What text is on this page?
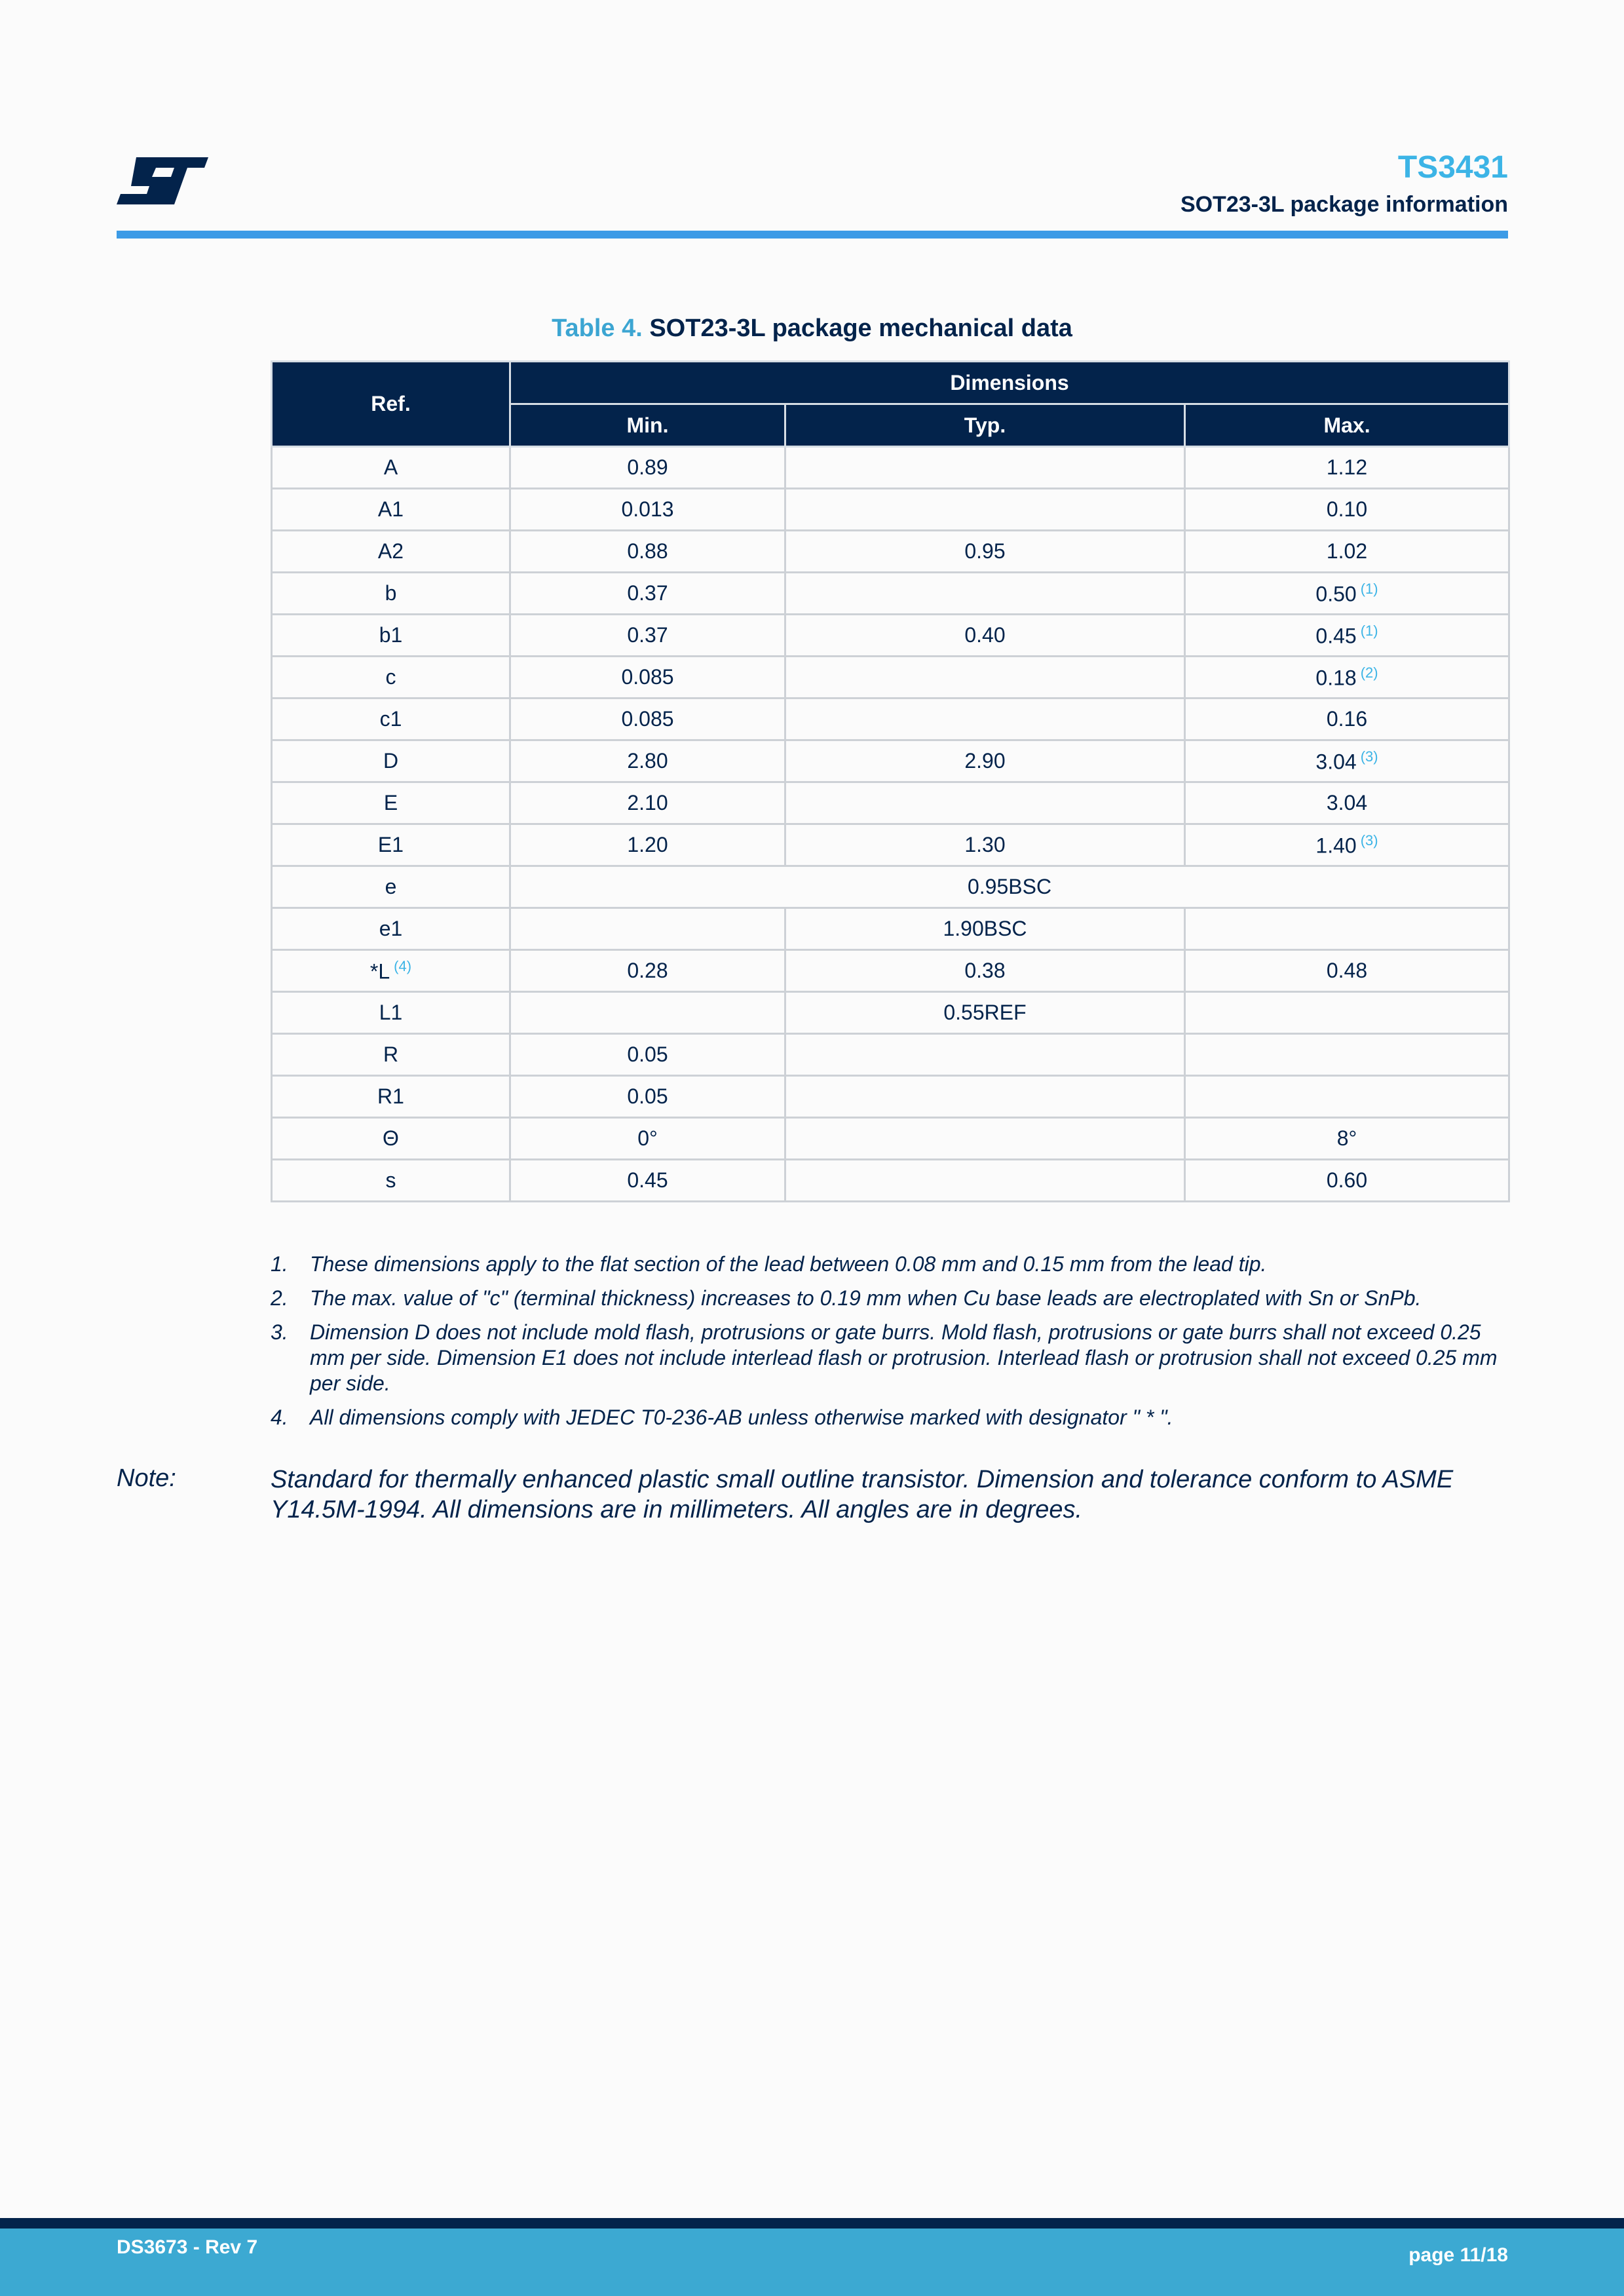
TS3431
SOT23-3L package information
Table 4. SOT23-3L package mechanical data
Ref.	Dimensions		
	Min.	Typ.	Max.
A	0.89		1.12
A1	0.013		0.10
A2	0.88	0.95	1.02
b	0.37		0.50 $^{(1)}$
b1	0.37	0.40	0.45 $^{(1)}$
c	0.085		0.18 $^{(2)}$
c1	0.085		0.16
D	2.80	2.90	3.04 $^{(3)}$
E	2.10		3.04
E1	1.20	1.30	1.40 $^{(3)}$
e	0.95BSC		
e1		1.90BSC	
*L $^{(4)}$	0.28	0.38	0.48
L1		0.55REF	
R	0.05		
R1	0.05		
Θ	0°		8°
s	0.45		0.60
1.	These dimensions apply to the flat section of the lead between 0.08 mm and 0.15 mm from the lead tip.
2.	The max. value of "c" (terminal thickness) increases to 0.19 mm when Cu base leads are electroplated with Sn or SnPb.
3.	Dimension D does not include mold flash, protrusions or gate burrs. Mold flash, protrusions or gate burrs shall not exceed 0.25 mm per side. Dimension E1 does not include interlead flash or protrusion. Interlead flash or protrusion shall not exceed 0.25 mm per side.
4.	All dimensions comply with JEDEC T0-236-AB unless otherwise marked with designator " * ".
Note:	Standard for thermally enhanced plastic small outline transistor. Dimension and tolerance conform to ASME Y14.5M-1994. All dimensions are in millimeters. All angles are in degrees.
DS3673 - Rev 7	page 11/18
